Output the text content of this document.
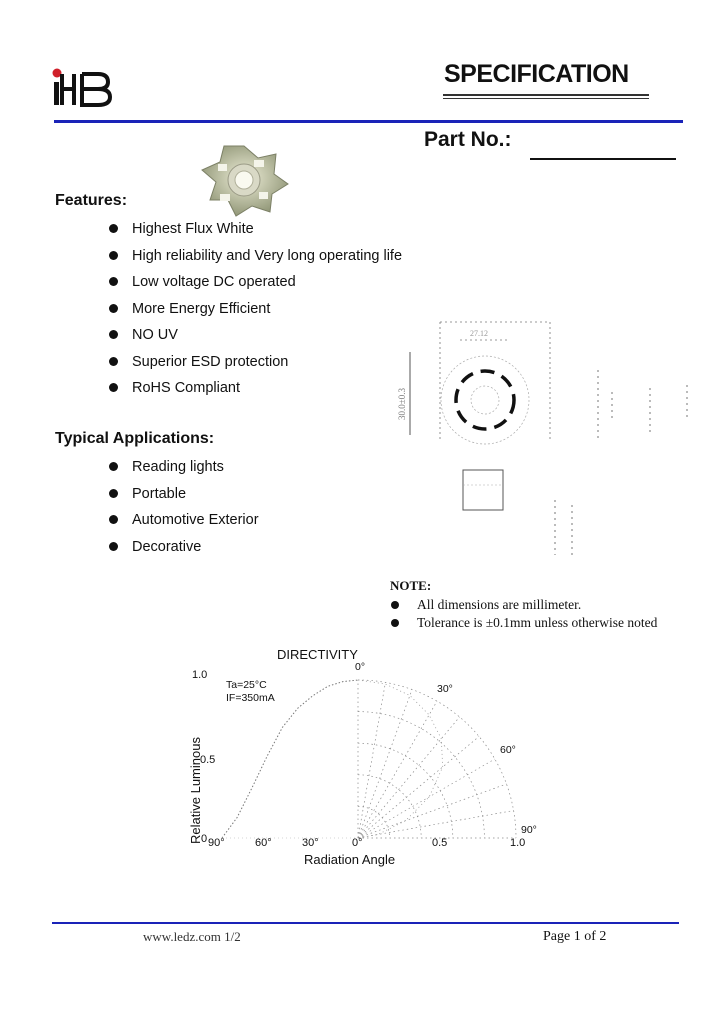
SPECIFICATION
Part No.:
Features:
Highest Flux White
High reliability and Very long operating life
Low voltage DC operated
More Energy Efficient
NO UV
Superior ESD protection
RoHS Compliant
Typical Applications:
Reading lights
Portable
Automotive Exterior
Decorative
30.0±0.3
27.12
NOTE:
All dimensions are millimeter.
Tolerance is ±0.1mm unless otherwise noted
DIRECTIVITY
Ta=25°C
IF=350mA
1.0
0.5
0 90°	60°	30°	0°	0.5	1.0
0°
30°
60°
90°
Relative Luminous
Radiation Angle
www.ledz.com 1/2	Page 1 of 2
